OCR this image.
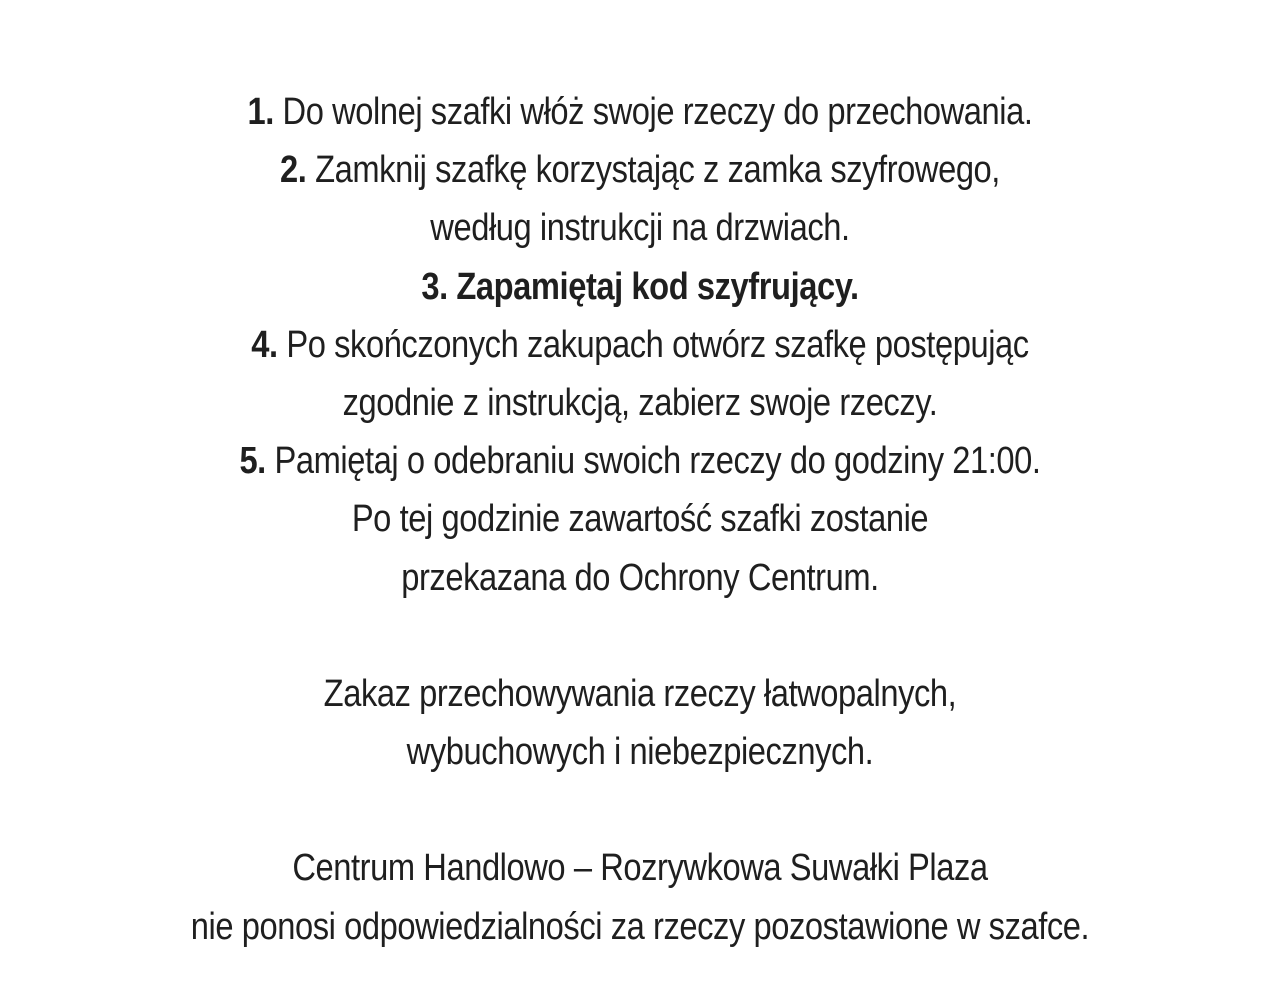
1. Do wolnej szafki włóż swoje rzeczy do przechowania.
2. Zamknij szafkę korzystając z zamka szyfrowego,
według instrukcji na drzwiach.
3. Zapamiętaj kod szyfrujący.
4. Po skończonych zakupach otwórz szafkę postępując
zgodnie z instrukcją, zabierz swoje rzeczy.
5. Pamiętaj o odebraniu swoich rzeczy do godziny 21:00.
Po tej godzinie zawartość szafki zostanie
przekazana do Ochrony Centrum.
Zakaz przechowywania rzeczy łatwopalnych,
wybuchowych i niebezpiecznych.
Centrum Handlowo – Rozrywkowa Suwałki Plaza
nie ponosi odpowiedzialności za rzeczy pozostawione w szafce.
